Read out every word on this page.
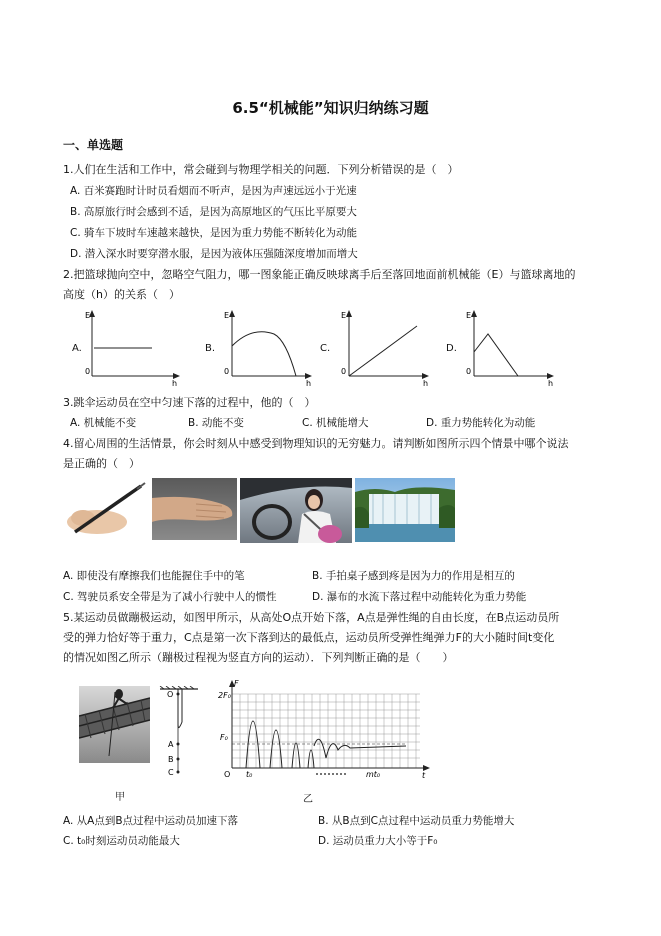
6.5“机械能”知识归纳练习题
一、单选题
1.人们在生活和工作中，常会碰到与物理学相关的问题．下列分析错误的是（　）
A. 百米赛跑时计时员看烟而不听声，是因为声速远远小于光速
B. 高原旅行时会感到不适，是因为高原地区的气压比平原要大
C. 骑车下坡时车速越来越快，是因为重力势能不断转化为动能
D. 潜入深水时要穿潜水服，是因为液体压强随深度增加而增大
2.把篮球抛向空中，忽略空气阻力，哪一图象能正确反映球离手后至落回地面前机械能（E）与篮球离地的
高度（h）的关系（　）
A.
E
0
h
B.
E
0
h
C.
E
0
h
D.
E
0
h
3.跳伞运动员在空中匀速下落的过程中，他的（　）
A. 机械能不变	B. 动能不变	C. 机械能增大	D. 重力势能转化为动能
4.留心周围的生活情景，你会时刻从中感受到物理知识的无穷魅力。请判断如图所示四个情景中哪个说法
是正确的（　）
A. 即使没有摩擦我们也能握住手中的笔	B. 手拍桌子感到疼是因为力的作用是相互的
C. 驾驶员系安全带是为了减小行驶中人的惯性	D. 瀑布的水流下落过程中动能转化为重力势能
5.某运动员做蹦极运动，如图甲所示，从高处O点开始下落，A点是弹性绳的自由长度，在B点运动员所
受的弹力恰好等于重力，C点是第一次下落到达的最低点，运动员所受弹性绳弹力F的大小随时间t变化
的情况如图乙所示（蹦极过程视为竖直方向的运动）．下列判断正确的是（　　）
甲
O
A
B
C
2F₀
F₀
F
t
O t₀	mt₀
乙
A. 从A点到B点过程中运动员加速下落	B. 从B点到C点过程中运动员重力势能增大
C. t₀时刻运动员动能最大	D. 运动员重力大小等于F₀
